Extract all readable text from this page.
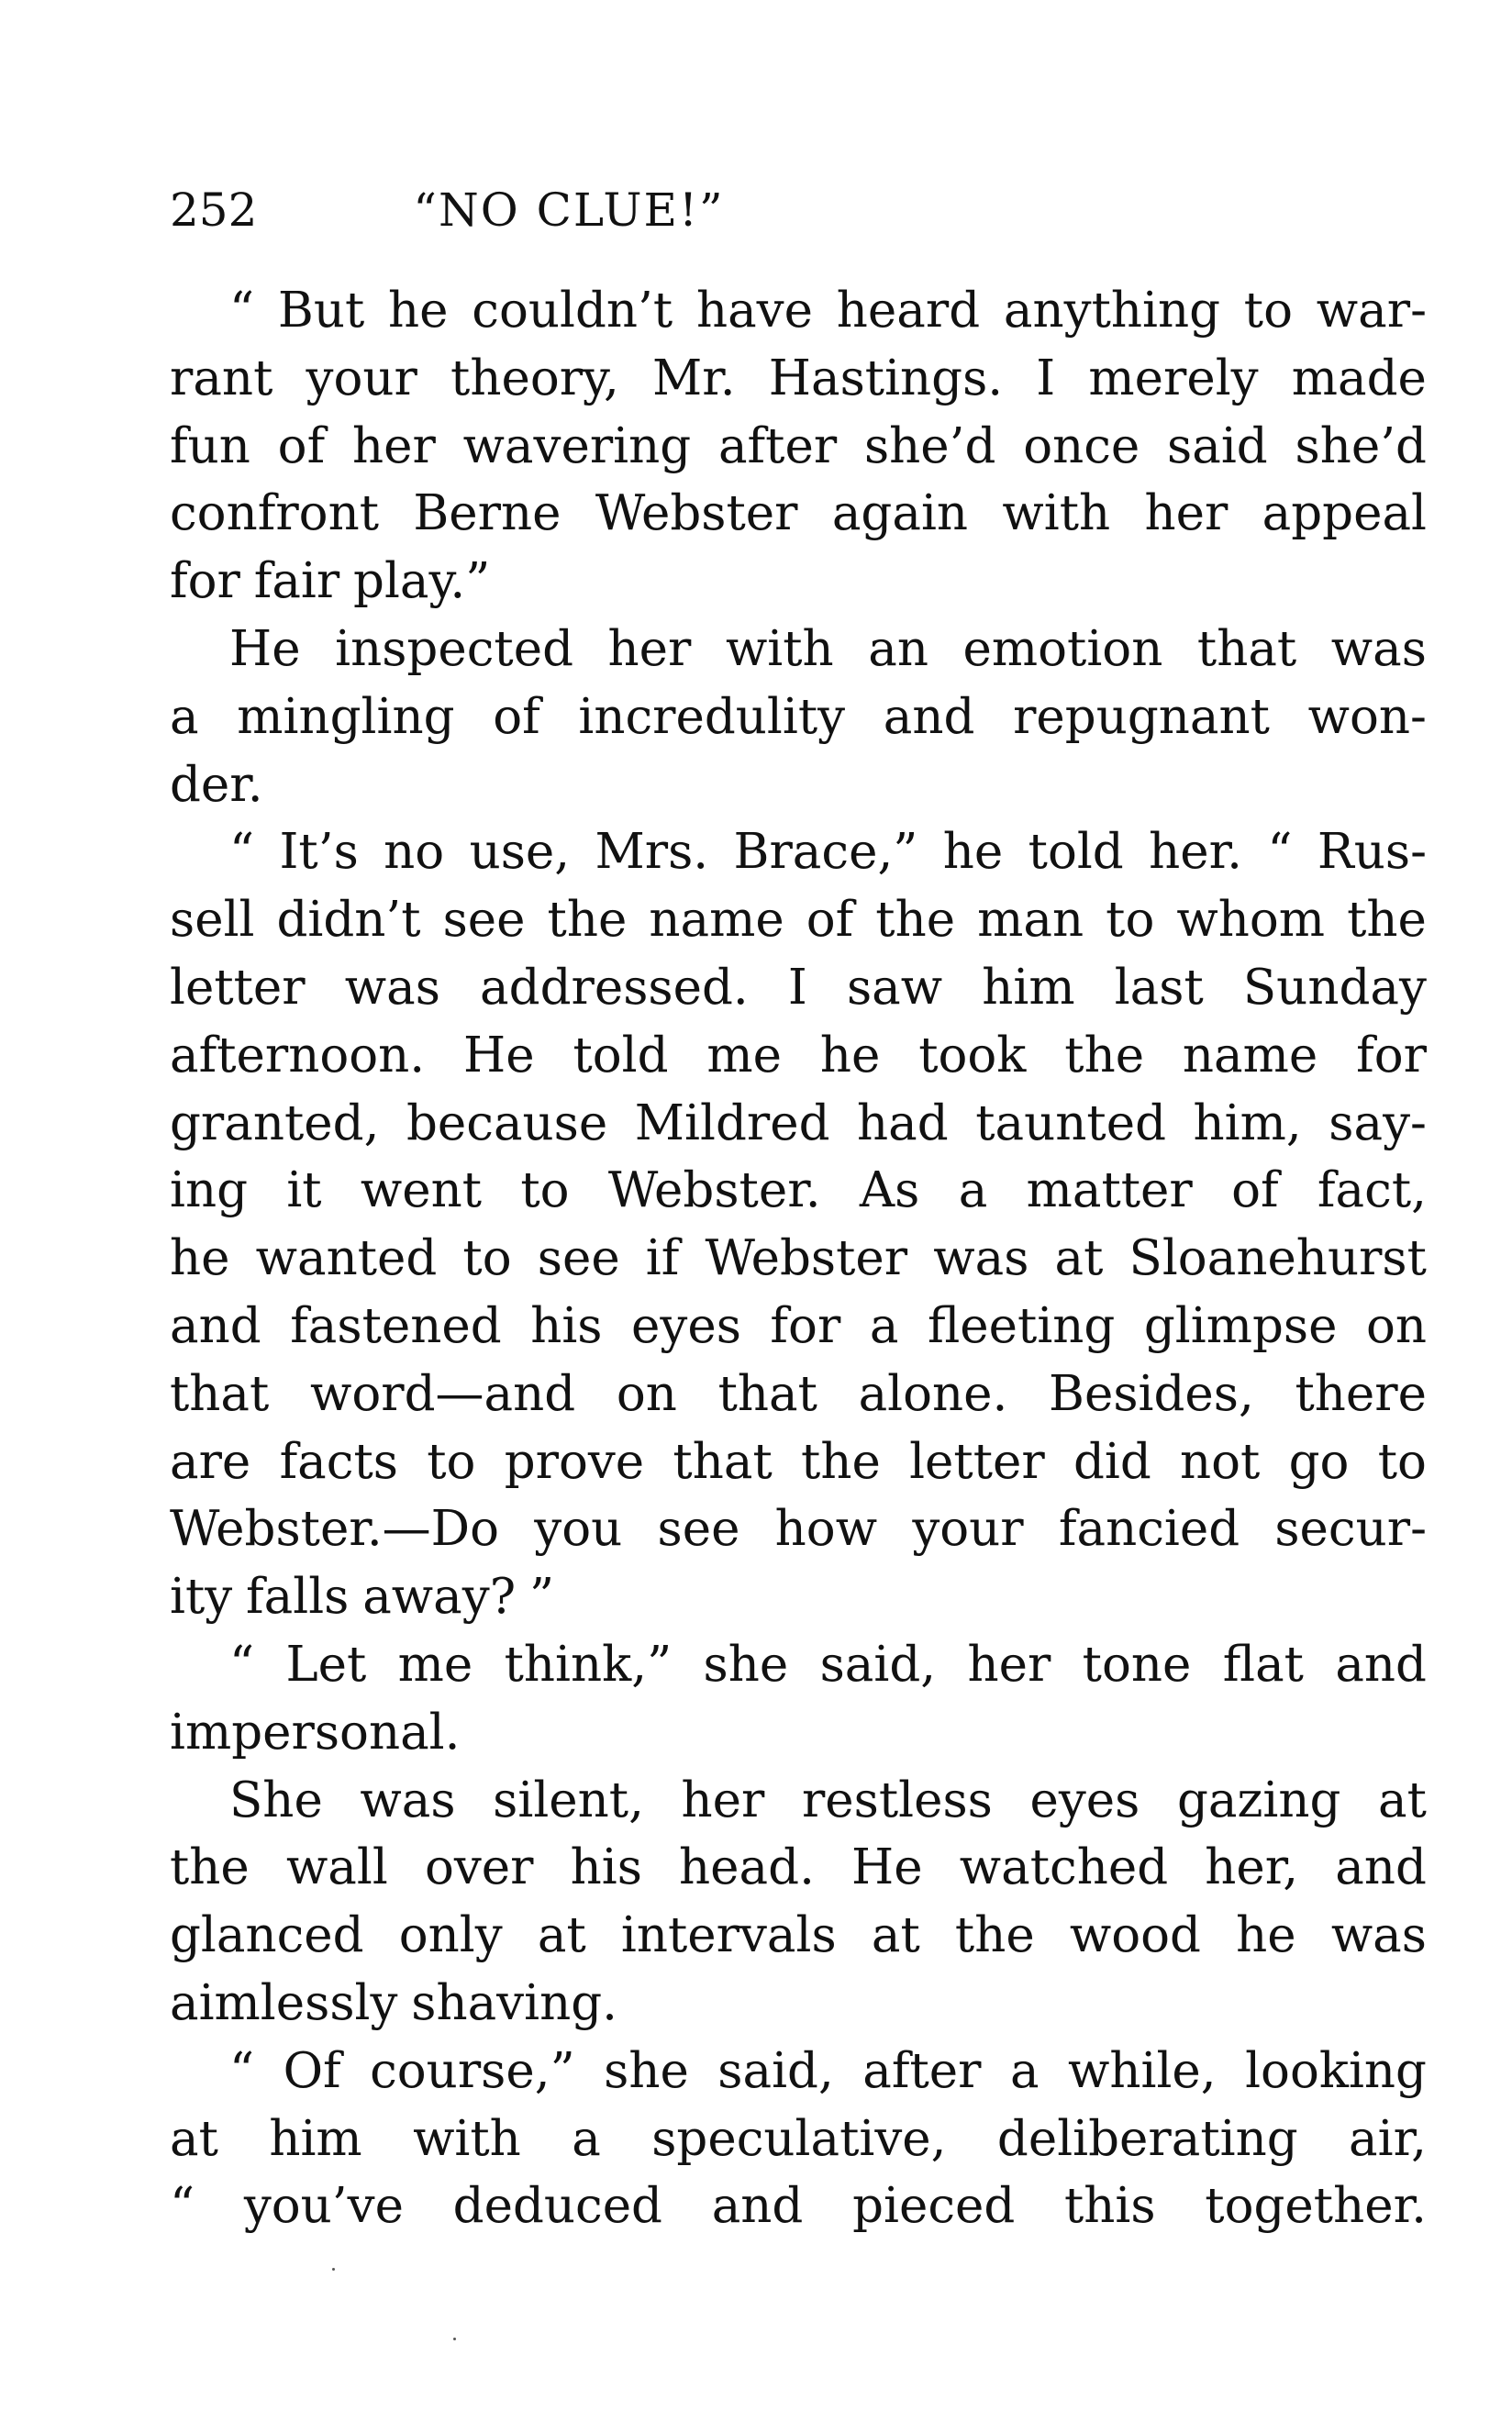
252	“NO CLUE!”
“ But he couldn’t have heard anything to war-
rant your theory, Mr. Hastings. I merely made
fun of her wavering after she’d once said she’d
confront Berne Webster again with her appeal
for fair play.”
He inspected her with an emotion that was
a mingling of incredulity and repugnant won-
der.
“ It’s no use, Mrs. Brace,” he told her. “ Rus-
sell didn’t see the name of the man to whom the
letter was addressed. I saw him last Sunday
afternoon. He told me he took the name for
granted, because Mildred had taunted him, say-
ing it went to Webster. As a matter of fact,
he wanted to see if Webster was at Sloanehurst
and fastened his eyes for a fleeting glimpse on
that word—and on that alone. Besides, there
are facts to prove that the letter did not go to
Webster.—Do you see how your fancied secur-
ity falls away? ”
“ Let me think,” she said, her tone flat and
impersonal.
She was silent, her restless eyes gazing at
the wall over his head. He watched her, and
glanced only at intervals at the wood he was
aimlessly shaving.
“ Of course,” she said, after a while, looking
at him with a speculative, deliberating air,
“ you’ve deduced and pieced this together.
